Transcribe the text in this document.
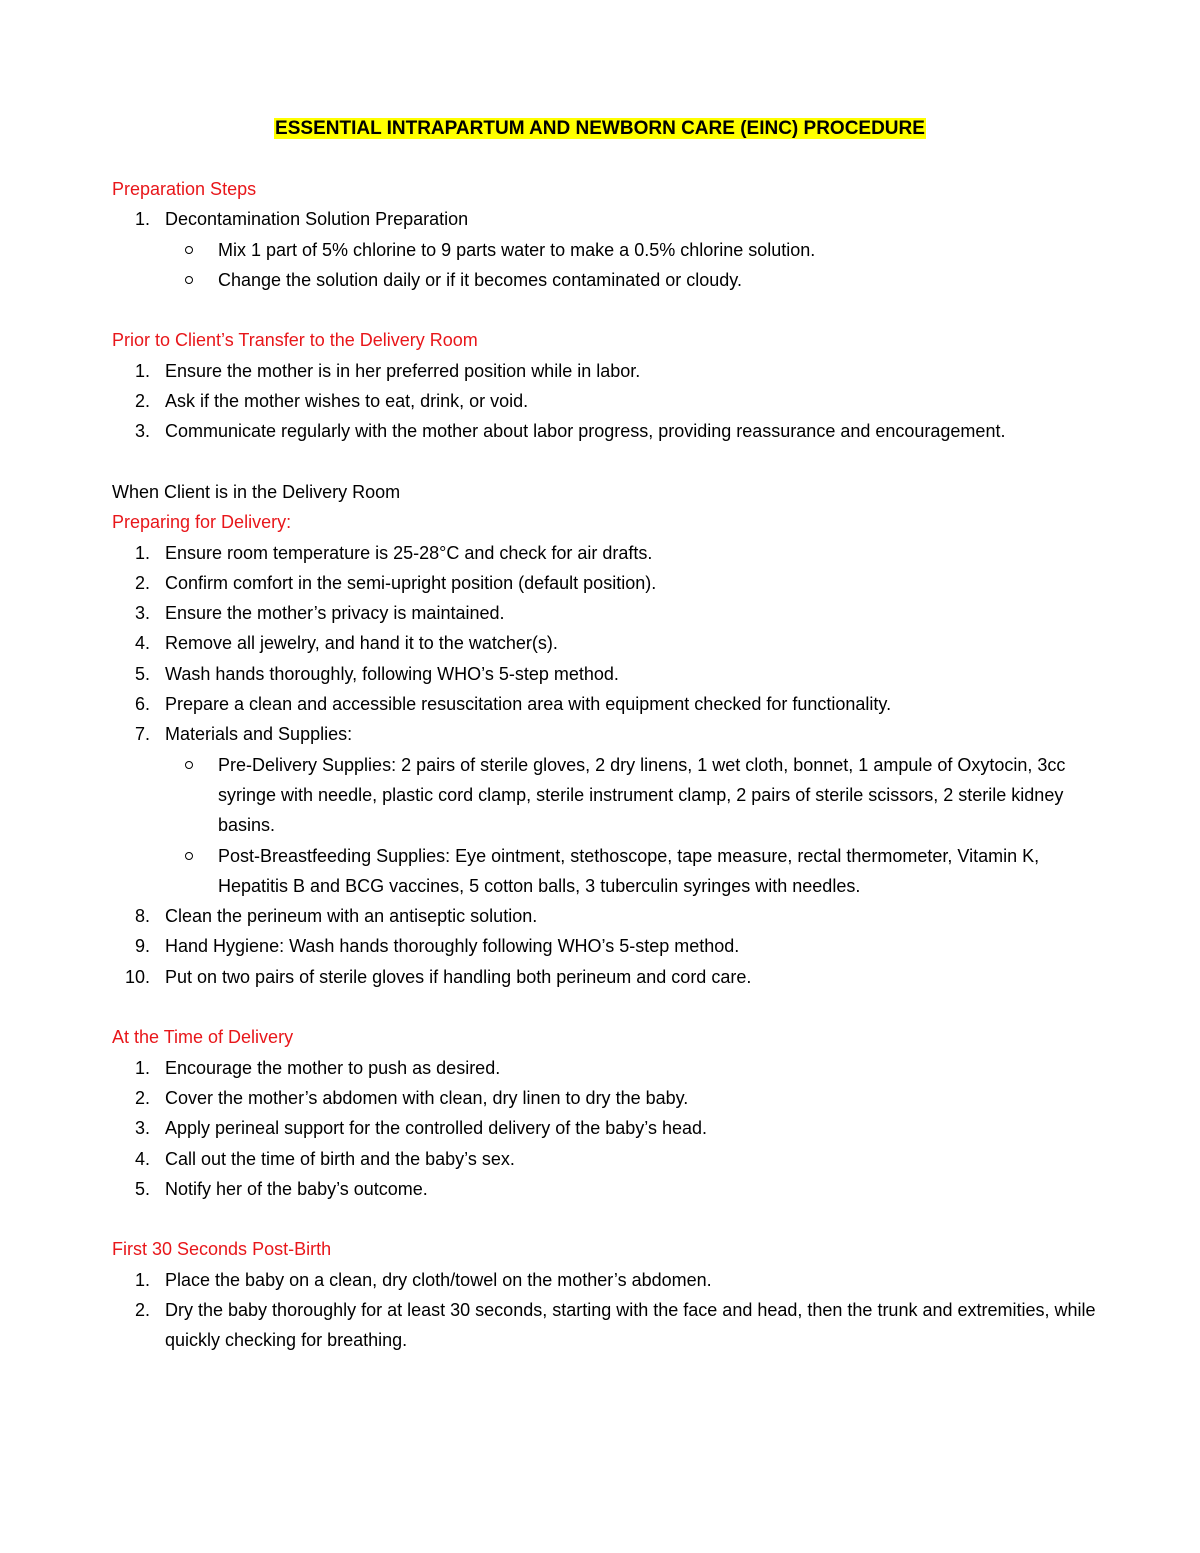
ESSENTIAL INTRAPARTUM AND NEWBORN CARE (EINC) PROCEDURE
Preparation Steps
1. Decontamination Solution Preparation
Mix 1 part of 5% chlorine to 9 parts water to make a 0.5% chlorine solution.
Change the solution daily or if it becomes contaminated or cloudy.
Prior to Client’s Transfer to the Delivery Room
1. Ensure the mother is in her preferred position while in labor.
2. Ask if the mother wishes to eat, drink, or void.
3. Communicate regularly with the mother about labor progress, providing reassurance and encouragement.
When Client is in the Delivery Room
Preparing for Delivery:
1. Ensure room temperature is 25-28°C and check for air drafts.
2. Confirm comfort in the semi-upright position (default position).
3. Ensure the mother’s privacy is maintained.
4. Remove all jewelry, and hand it to the watcher(s).
5. Wash hands thoroughly, following WHO’s 5-step method.
6. Prepare a clean and accessible resuscitation area with equipment checked for functionality.
7. Materials and Supplies:
Pre-Delivery Supplies: 2 pairs of sterile gloves, 2 dry linens, 1 wet cloth, bonnet, 1 ampule of Oxytocin, 3cc syringe with needle, plastic cord clamp, sterile instrument clamp, 2 pairs of sterile scissors, 2 sterile kidney basins.
Post-Breastfeeding Supplies: Eye ointment, stethoscope, tape measure, rectal thermometer, Vitamin K, Hepatitis B and BCG vaccines, 5 cotton balls, 3 tuberculin syringes with needles.
8. Clean the perineum with an antiseptic solution.
9. Hand Hygiene: Wash hands thoroughly following WHO’s 5-step method.
10. Put on two pairs of sterile gloves if handling both perineum and cord care.
At the Time of Delivery
1. Encourage the mother to push as desired.
2. Cover the mother’s abdomen with clean, dry linen to dry the baby.
3. Apply perineal support for the controlled delivery of the baby’s head.
4. Call out the time of birth and the baby’s sex.
5. Notify her of the baby’s outcome.
First 30 Seconds Post-Birth
1. Place the baby on a clean, dry cloth/towel on the mother’s abdomen.
2. Dry the baby thoroughly for at least 30 seconds, starting with the face and head, then the trunk and extremities, while quickly checking for breathing.
